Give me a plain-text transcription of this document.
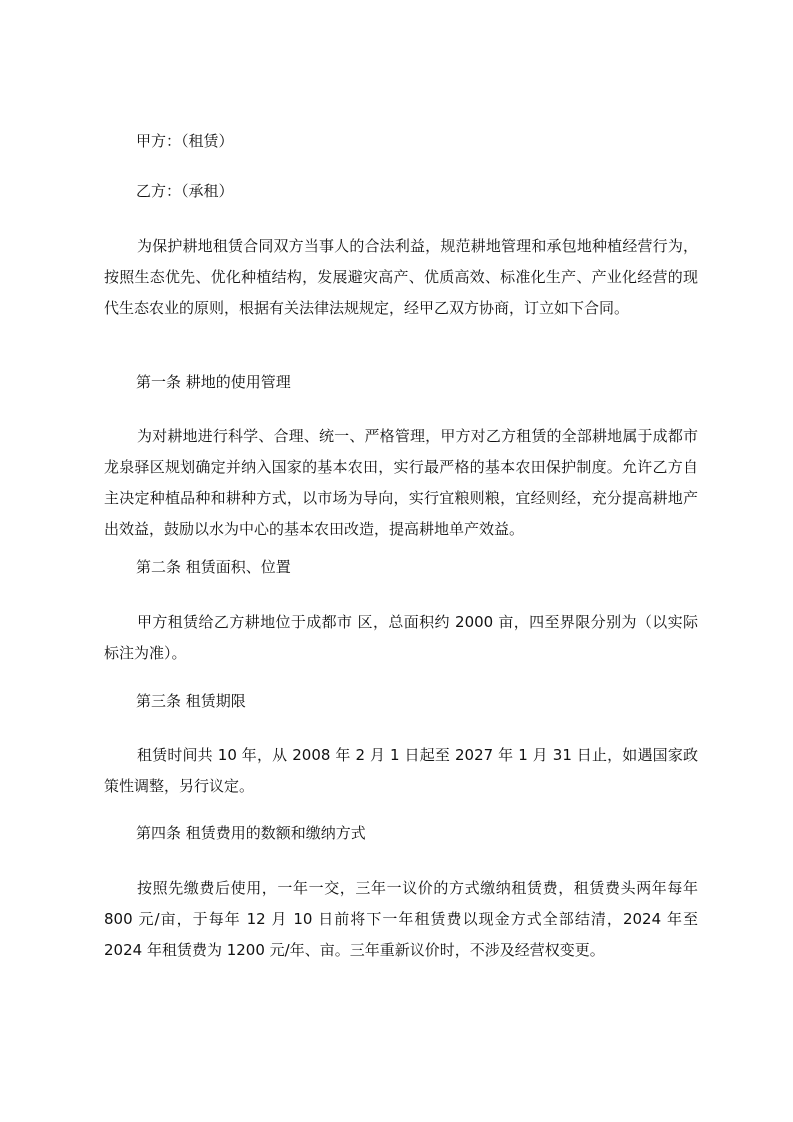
甲方：（租赁）
乙方：（承租）
为保护耕地租赁合同双方当事人的合法利益，规范耕地管理和承包地种植经营行为，按照生态优先、优化种植结构，发展避灾高产、优质高效、标准化生产、产业化经营的现代生态农业的原则，根据有关法律法规规定，经甲乙双方协商，订立如下合同。
第一条 耕地的使用管理
为对耕地进行科学、合理、统一、严格管理，甲方对乙方租赁的全部耕地属于成都市龙泉驿区规划确定并纳入国家的基本农田，实行最严格的基本农田保护制度。允许乙方自主决定种植品种和耕种方式，以市场为导向，实行宜粮则粮，宜经则经，充分提高耕地产出效益，鼓励以水为中心的基本农田改造，提高耕地单产效益。
第二条 租赁面积、位置
甲方租赁给乙方耕地位于成都市 区，总面积约 2000 亩，四至界限分别为（以实际标注为准）。
第三条 租赁期限
租赁时间共 10 年，从 2008 年 2 月 1 日起至 2027 年 1 月 31 日止，如遇国家政策性调整，另行议定。
第四条 租赁费用的数额和缴纳方式
按照先缴费后使用，一年一交，三年一议价的方式缴纳租赁费，租赁费头两年每年 800 元/亩，于每年 12 月 10 日前将下一年租赁费以现金方式全部结清，2024 年至 2024 年租赁费为 1200 元/年、亩。三年重新议价时，不涉及经营权变更。
